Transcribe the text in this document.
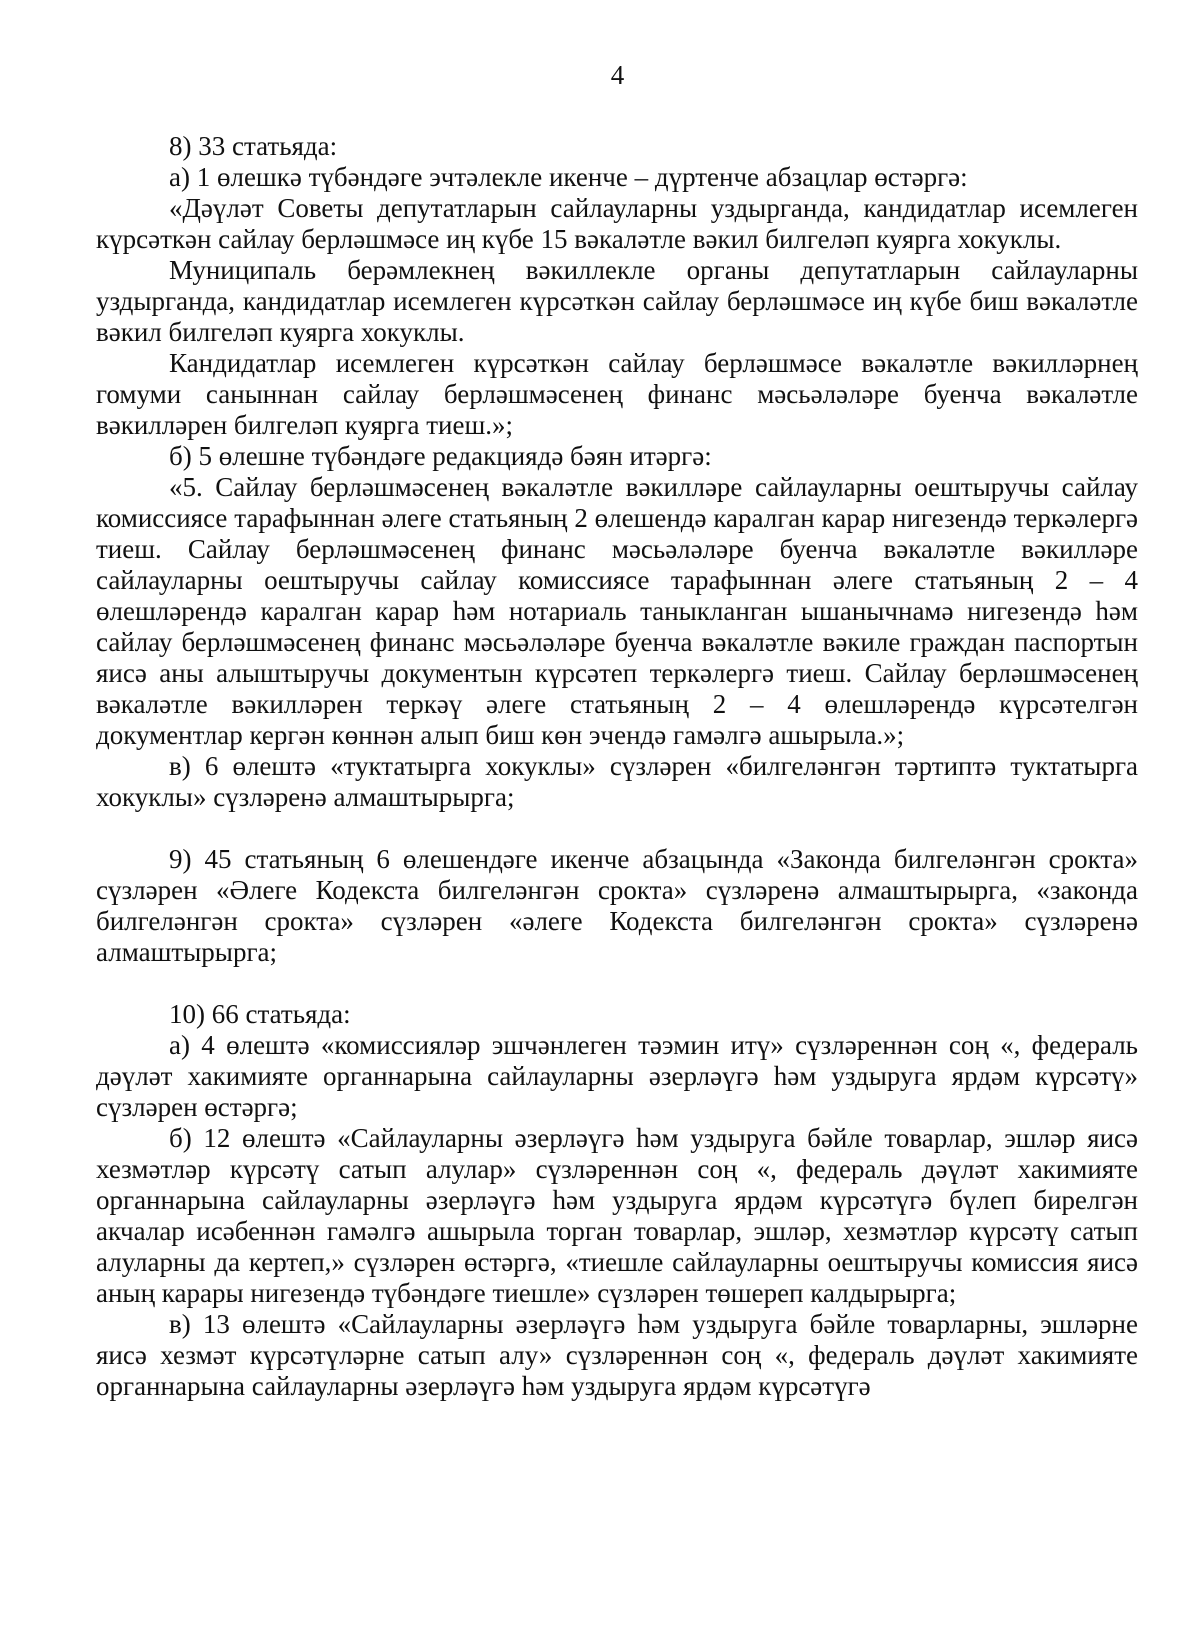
4

8) 33 статьяда:

а) 1 өлешкә түбәндәге эчтәлекле икенче – дүртенче абзацлар өстәргә:

«Дәүләт Советы депутатларын сайлауларны уздырганда, кандидатлар исемлеген күрсәткән сайлау берләшмәсе иң күбе 15 вәкаләтле вәкил билгеләп куярга хокуклы.

Муниципаль берәмлекнең вәкиллекле органы депутатларын сайлауларны уздырганда, кандидатлар исемлеген күрсәткән сайлау берләшмәсе иң күбе биш вәкаләтле вәкил билгеләп куярга хокуклы.

Кандидатлар исемлеген күрсәткән сайлау берләшмәсе вәкаләтле вәкилләрнең гомуми саныннан сайлау берләшмәсенең финанс мәсьәләләре буенча вәкаләтле вәкилләрен билгеләп куярга тиеш.»;

б) 5 өлешне түбәндәге редакциядә бәян итәргә:

«5. Сайлау берләшмәсенең вәкаләтле вәкилләре сайлауларны оештыручы сайлау комиссиясе тарафыннан әлеге статьяның 2 өлешендә каралган карар нигезендә теркәлергә тиеш. Сайлау берләшмәсенең финанс мәсьәләләре буенча вәкаләтле вәкилләре сайлауларны оештыручы сайлау комиссиясе тарафыннан әлеге статьяның 2 – 4 өлешләрендә каралган карар һәм нотариаль таныкланган ышанычнамә нигезендә һәм сайлау берләшмәсенең финанс мәсьәләләре буенча вәкаләтле вәкиле граждан паспортын яисә аны алыштыручы документын күрсәтеп теркәлергә тиеш. Сайлау берләшмәсенең вәкаләтле вәкилләрен теркәү әлеге статьяның 2 – 4 өлешләрендә күрсәтелгән документлар кергән көннән алып биш көн эчендә гамәлгә ашырыла.»;

в) 6 өлештә «туктатырга хокуклы» сүзләрен «билгеләнгән тәртиптә туктатырга хокуклы» сүзләренә алмаштырырга;

9) 45 статьяның 6 өлешендәге икенче абзацында «Законда билгеләнгән срокта» сүзләрен «Әлеге Кодекста билгеләнгән срокта» сүзләренә алмаштырырга, «законда билгеләнгән срокта» сүзләрен «әлеге Кодекста билгеләнгән срокта» сүзләренә алмаштырырга;

10) 66 статьяда:

а) 4 өлештә «комиссияләр эшчәнлеген тәэмин итү» сүзләреннән соң «, федераль дәүләт хакимияте органнарына сайлауларны әзерләүгә һәм уздыруга ярдәм күрсәтү» сүзләрен өстәргә;

б) 12 өлештә «Сайлауларны әзерләүгә һәм уздыруга бәйле товарлар, эшләр яисә хезмәтләр күрсәтү сатып алулар» сүзләреннән соң «, федераль дәүләт хакимияте органнарына сайлауларны әзерләүгә һәм уздыруга ярдәм күрсәтүгә бүлеп бирелгән акчалар исәбеннән гамәлгә ашырыла торган товарлар, эшләр, хезмәтләр күрсәтү сатып алуларны да кертеп,» сүзләрен өстәргә, «тиешле сайлауларны оештыручы комиссия яисә аның карары нигезендә түбәндәге тиешле» сүзләрен төшереп калдырырга;

в) 13 өлештә «Сайлауларны әзерләүгә һәм уздыруга бәйле товарларны, эшләрне яисә хезмәт күрсәтүләрне сатып алу» сүзләреннән соң «, федераль дәүләт хакимияте органнарына сайлауларны әзерләүгә һәм уздыруга ярдәм күрсәтүгә
